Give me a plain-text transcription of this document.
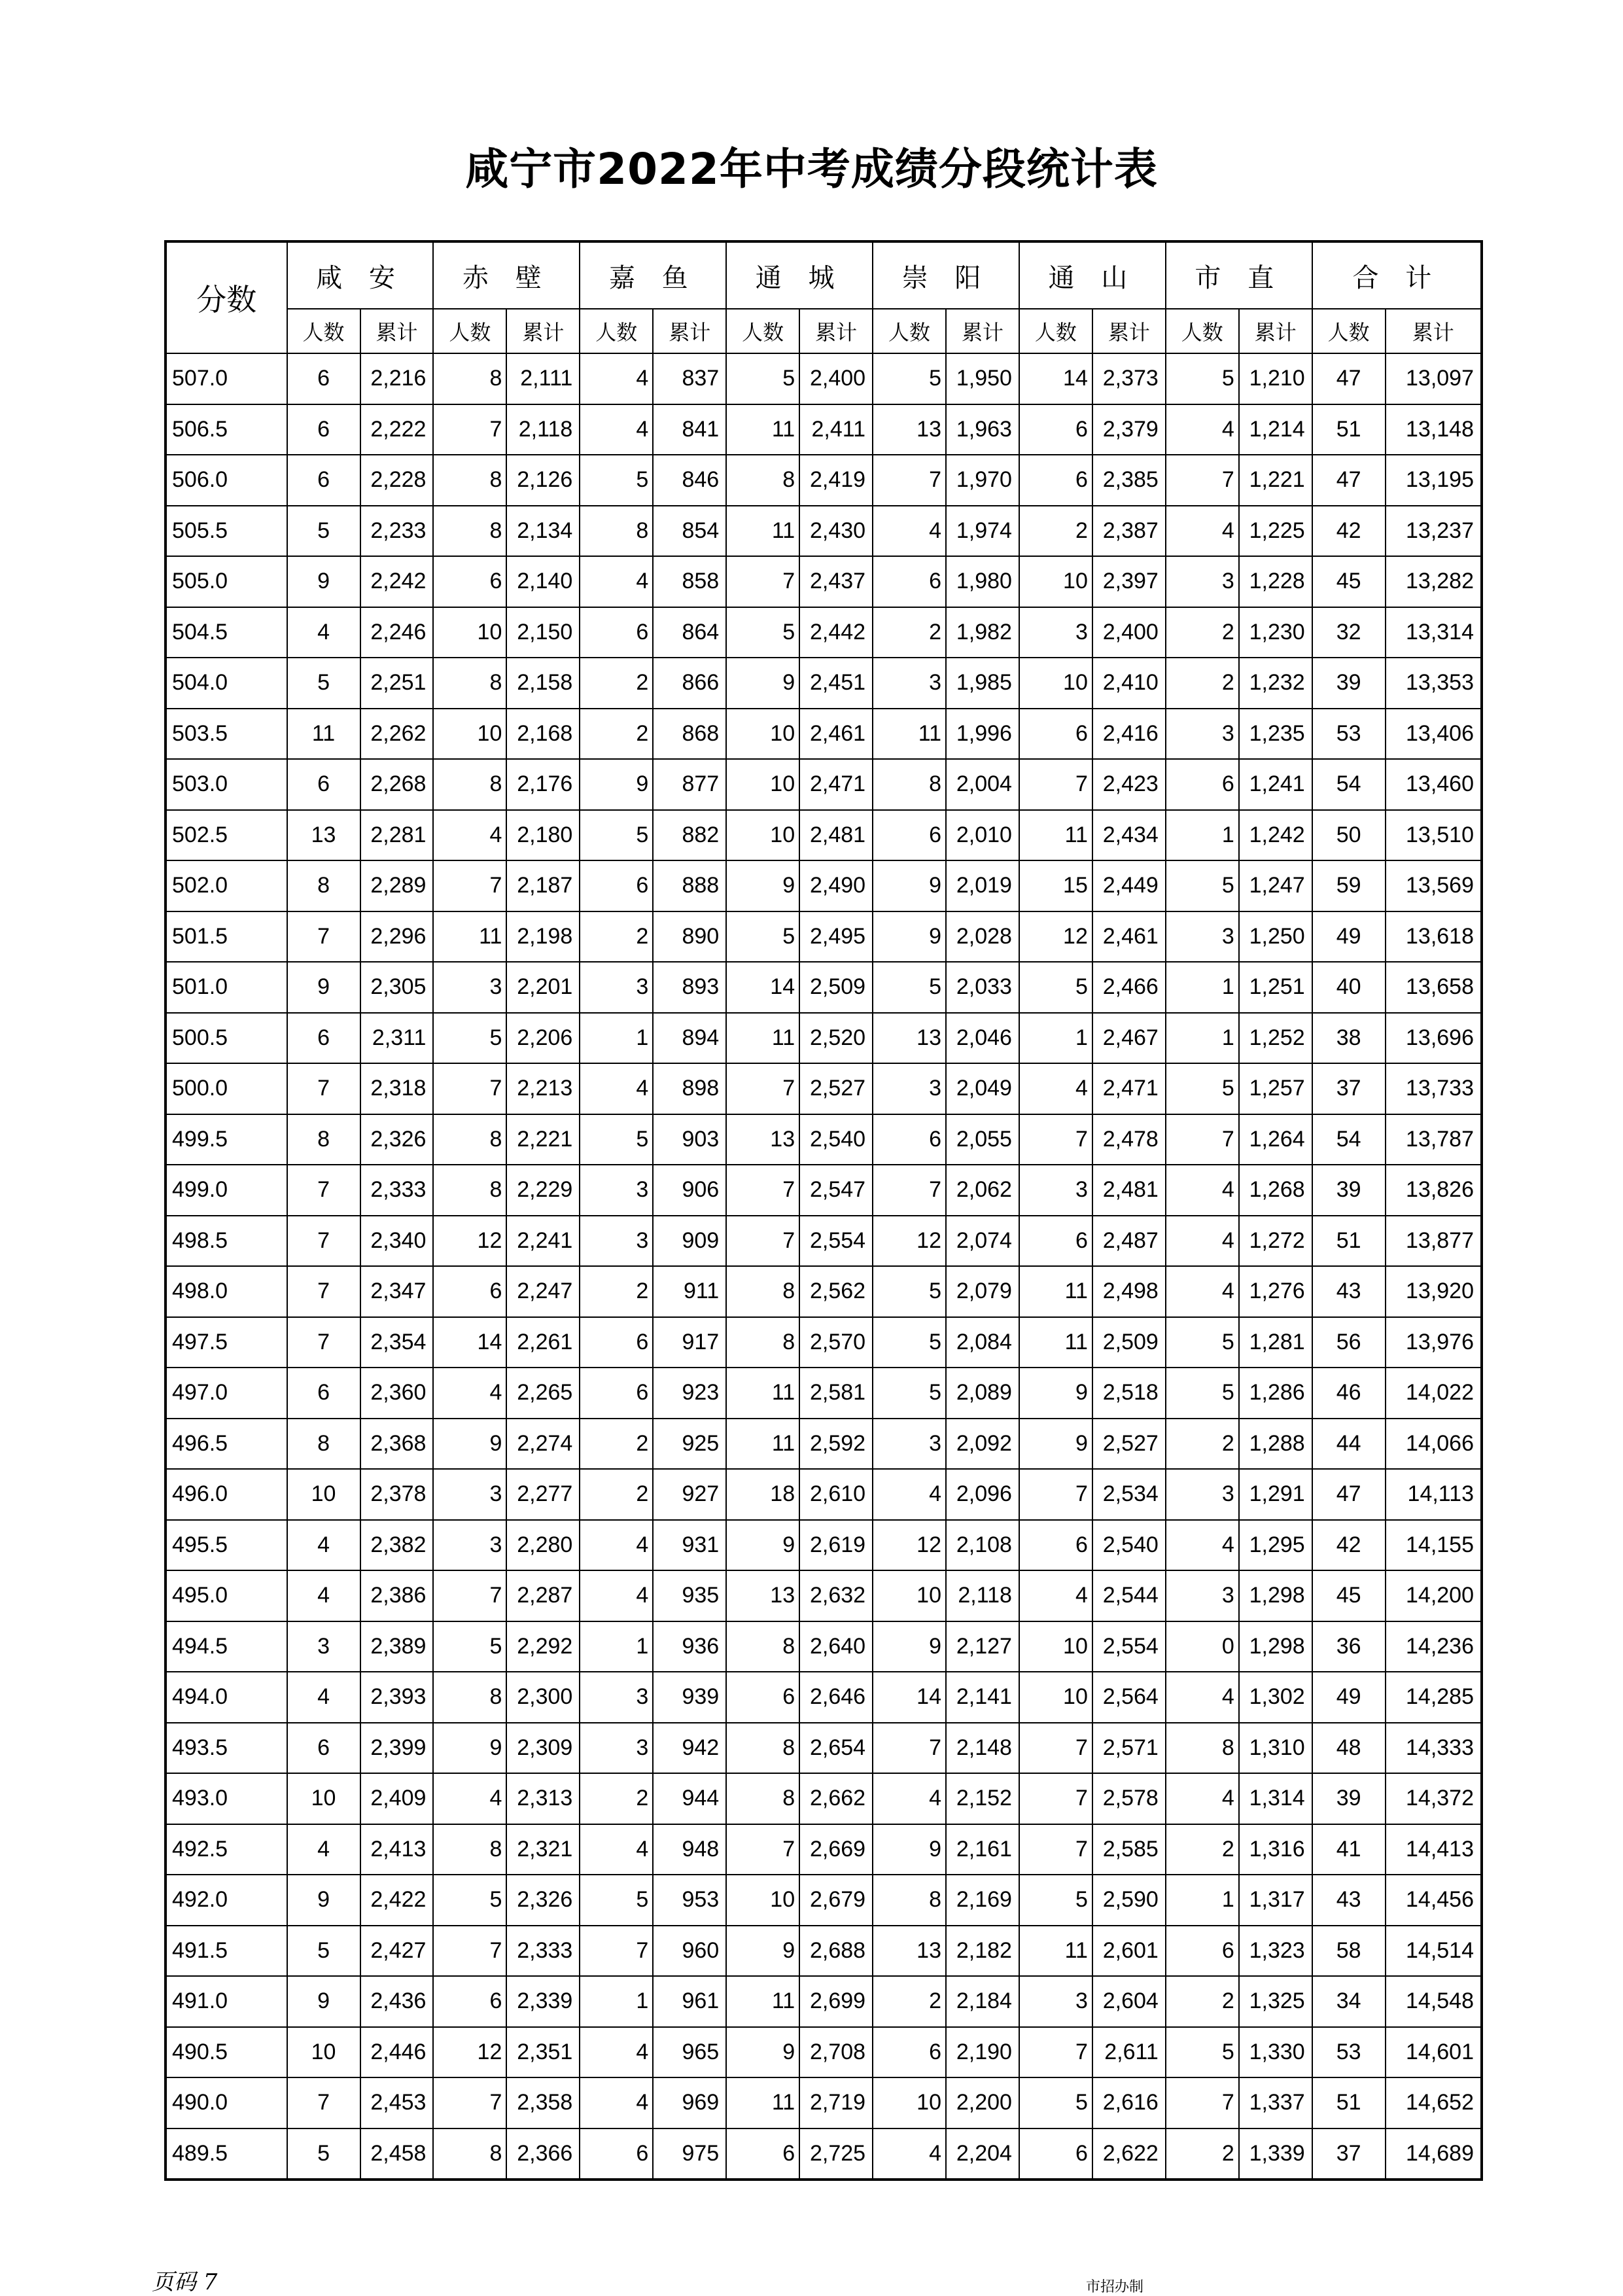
咸宁市2022年中考成绩分段统计表
分数	咸 安		赤 壁		嘉 鱼		通 城		崇 阳		通 山		市 直		合 计	
	人数	累计	人数	累计	人数	累计	人数	累计	人数	累计	人数	累计	人数	累计	人数	累计
507.0	6	2,216	8	2,111	4	837	5	2,400	5	1,950	14	2,373	5	1,210	47	13,097
506.5	6	2,222	7	2,118	4	841	11	2,411	13	1,963	6	2,379	4	1,214	51	13,148
506.0	6	2,228	8	2,126	5	846	8	2,419	7	1,970	6	2,385	7	1,221	47	13,195
505.5	5	2,233	8	2,134	8	854	11	2,430	4	1,974	2	2,387	4	1,225	42	13,237
505.0	9	2,242	6	2,140	4	858	7	2,437	6	1,980	10	2,397	3	1,228	45	13,282
504.5	4	2,246	10	2,150	6	864	5	2,442	2	1,982	3	2,400	2	1,230	32	13,314
504.0	5	2,251	8	2,158	2	866	9	2,451	3	1,985	10	2,410	2	1,232	39	13,353
503.5	11	2,262	10	2,168	2	868	10	2,461	11	1,996	6	2,416	3	1,235	53	13,406
503.0	6	2,268	8	2,176	9	877	10	2,471	8	2,004	7	2,423	6	1,241	54	13,460
502.5	13	2,281	4	2,180	5	882	10	2,481	6	2,010	11	2,434	1	1,242	50	13,510
502.0	8	2,289	7	2,187	6	888	9	2,490	9	2,019	15	2,449	5	1,247	59	13,569
501.5	7	2,296	11	2,198	2	890	5	2,495	9	2,028	12	2,461	3	1,250	49	13,618
501.0	9	2,305	3	2,201	3	893	14	2,509	5	2,033	5	2,466	1	1,251	40	13,658
500.5	6	2,311	5	2,206	1	894	11	2,520	13	2,046	1	2,467	1	1,252	38	13,696
500.0	7	2,318	7	2,213	4	898	7	2,527	3	2,049	4	2,471	5	1,257	37	13,733
499.5	8	2,326	8	2,221	5	903	13	2,540	6	2,055	7	2,478	7	1,264	54	13,787
499.0	7	2,333	8	2,229	3	906	7	2,547	7	2,062	3	2,481	4	1,268	39	13,826
498.5	7	2,340	12	2,241	3	909	7	2,554	12	2,074	6	2,487	4	1,272	51	13,877
498.0	7	2,347	6	2,247	2	911	8	2,562	5	2,079	11	2,498	4	1,276	43	13,920
497.5	7	2,354	14	2,261	6	917	8	2,570	5	2,084	11	2,509	5	1,281	56	13,976
497.0	6	2,360	4	2,265	6	923	11	2,581	5	2,089	9	2,518	5	1,286	46	14,022
496.5	8	2,368	9	2,274	2	925	11	2,592	3	2,092	9	2,527	2	1,288	44	14,066
496.0	10	2,378	3	2,277	2	927	18	2,610	4	2,096	7	2,534	3	1,291	47	14,113
495.5	4	2,382	3	2,280	4	931	9	2,619	12	2,108	6	2,540	4	1,295	42	14,155
495.0	4	2,386	7	2,287	4	935	13	2,632	10	2,118	4	2,544	3	1,298	45	14,200
494.5	3	2,389	5	2,292	1	936	8	2,640	9	2,127	10	2,554	0	1,298	36	14,236
494.0	4	2,393	8	2,300	3	939	6	2,646	14	2,141	10	2,564	4	1,302	49	14,285
493.5	6	2,399	9	2,309	3	942	8	2,654	7	2,148	7	2,571	8	1,310	48	14,333
493.0	10	2,409	4	2,313	2	944	8	2,662	4	2,152	7	2,578	4	1,314	39	14,372
492.5	4	2,413	8	2,321	4	948	7	2,669	9	2,161	7	2,585	2	1,316	41	14,413
492.0	9	2,422	5	2,326	5	953	10	2,679	8	2,169	5	2,590	1	1,317	43	14,456
491.5	5	2,427	7	2,333	7	960	9	2,688	13	2,182	11	2,601	6	1,323	58	14,514
491.0	9	2,436	6	2,339	1	961	11	2,699	2	2,184	3	2,604	2	1,325	34	14,548
490.5	10	2,446	12	2,351	4	965	9	2,708	6	2,190	7	2,611	5	1,330	53	14,601
490.0	7	2,453	7	2,358	4	969	11	2,719	10	2,200	5	2,616	7	1,337	51	14,652
489.5	5	2,458	8	2,366	6	975	6	2,725	4	2,204	6	2,622	2	1,339	37	14,689
页码 7	市招办制
